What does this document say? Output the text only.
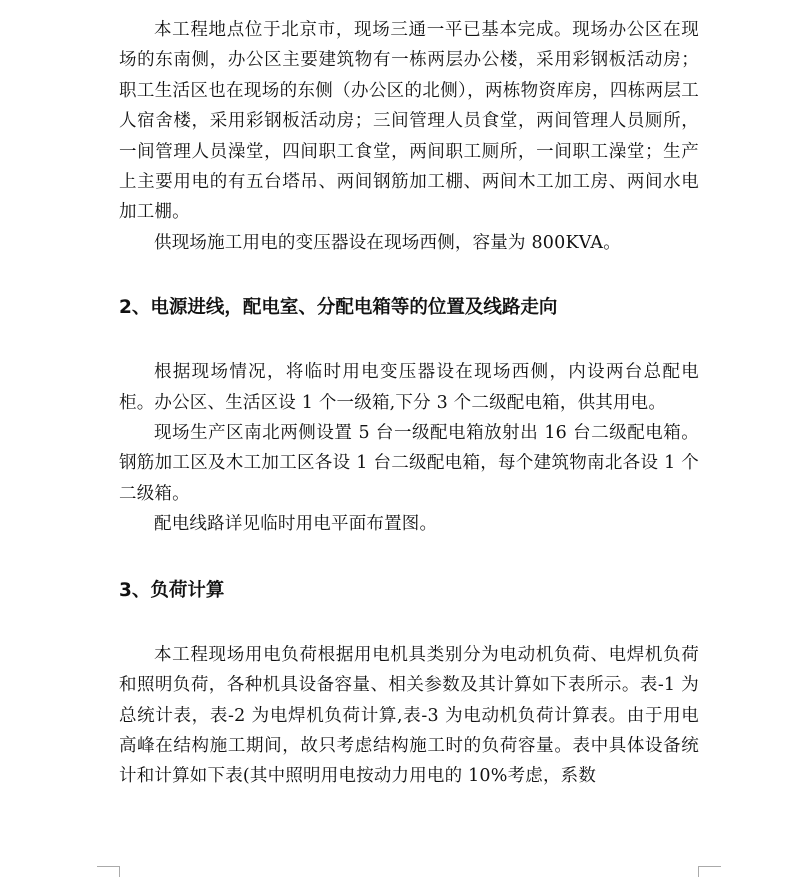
本工程地点位于北京市，现场三通一平已基本完成。现场办公区在现场的东南侧，办公区主要建筑物有一栋两层办公楼，采用彩钢板活动房；职工生活区也在现场的东侧（办公区的北侧），两栋物资库房，四栋两层工人宿舍楼，采用彩钢板活动房；三间管理人员食堂，两间管理人员厕所，一间管理人员澡堂，四间职工食堂，两间职工厕所，一间职工澡堂；生产上主要用电的有五台塔吊、两间钢筋加工棚、两间木工加工房、两间水电加工棚。

供现场施工用电的变压器设在现场西侧，容量为 800KVA。

2、电源进线，配电室、分配电箱等的位置及线路走向

根据现场情况，将临时用电变压器设在现场西侧，内设两台总配电柜。办公区、生活区设 1 个一级箱,下分 3 个二级配电箱，供其用电。

现场生产区南北两侧设置 5 台一级配电箱放射出 16 台二级配电箱。钢筋加工区及木工加工区各设 1 台二级配电箱，每个建筑物南北各设 1 个二级箱。

配电线路详见临时用电平面布置图。

3、负荷计算

本工程现场用电负荷根据用电机具类别分为电动机负荷、电焊机负荷和照明负荷，各种机具设备容量、相关参数及其计算如下表所示。表-1 为总统计表，表-2 为电焊机负荷计算,表-3 为电动机负荷计算表。由于用电高峰在结构施工期间，故只考虑结构施工时的负荷容量。表中具体设备统计和计算如下表(其中照明用电按动力用电的 10%考虑，系数
